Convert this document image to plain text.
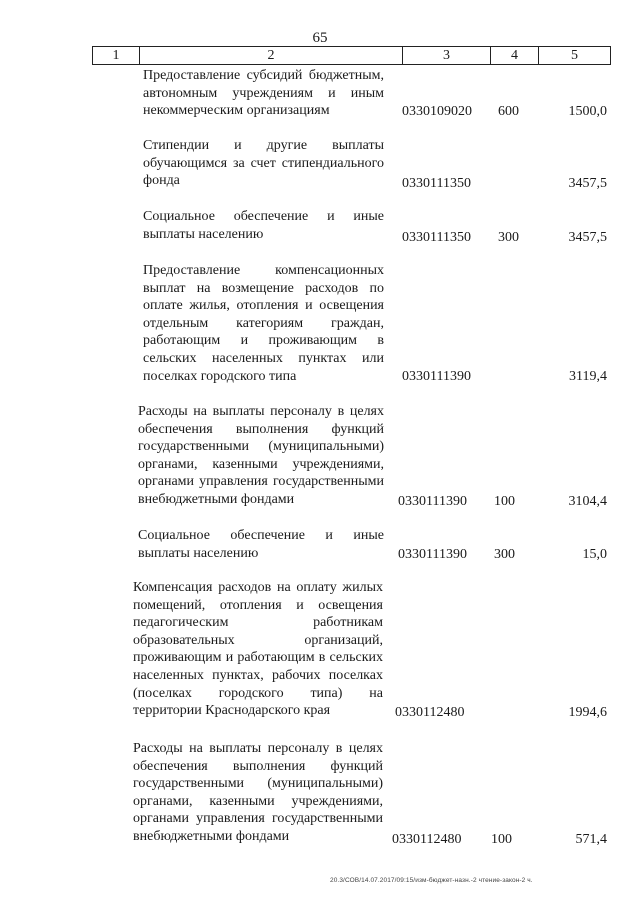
65
1	2	3	4	5
Предоставление субсидий бюджетным, автономным учреждениям и иным некоммерческим организациям	0330109020 600	1500,0
Стипендии и другие выплаты обучающимся за счет стипендиального фонда	0330111350	3457,5
Социальное обеспечение и иные выплаты населению	0330111350 300	3457,5
Предоставление компенсационных выплат на возмещение расходов по оплате жилья, отопления и освещения отдельным категориям граждан, работающим и проживающим в сельских населенных пунктах или поселках городского типа	0330111390	3119,4
Расходы на выплаты персоналу в целях обеспечения выполнения функций государственными (муниципальными) органами, казенными учреждениями, органами управления государственными внебюджетными фондами	0330111390 100	3104,4
Социальное обеспечение и иные выплаты населению	0330111390 300	15,0
Компенсация расходов на оплату жилых помещений, отопления и освещения педагогическим работникам образовательных организаций, проживающим и работающим в сельских населенных пунктах, рабочих поселках (поселках городского типа) на территории Краснодарского края	0330112480	1994,6
Расходы на выплаты персоналу в целях обеспечения выполнения функций государственными (муниципальными) органами, казенными учреждениями, органами управления государственными внебюджетными фондами	0330112480 100	571,4
20.3/СОВ/14.07.2017/09:15/изм-бюджет-назн.-2 чтение-закон-2 ч.
